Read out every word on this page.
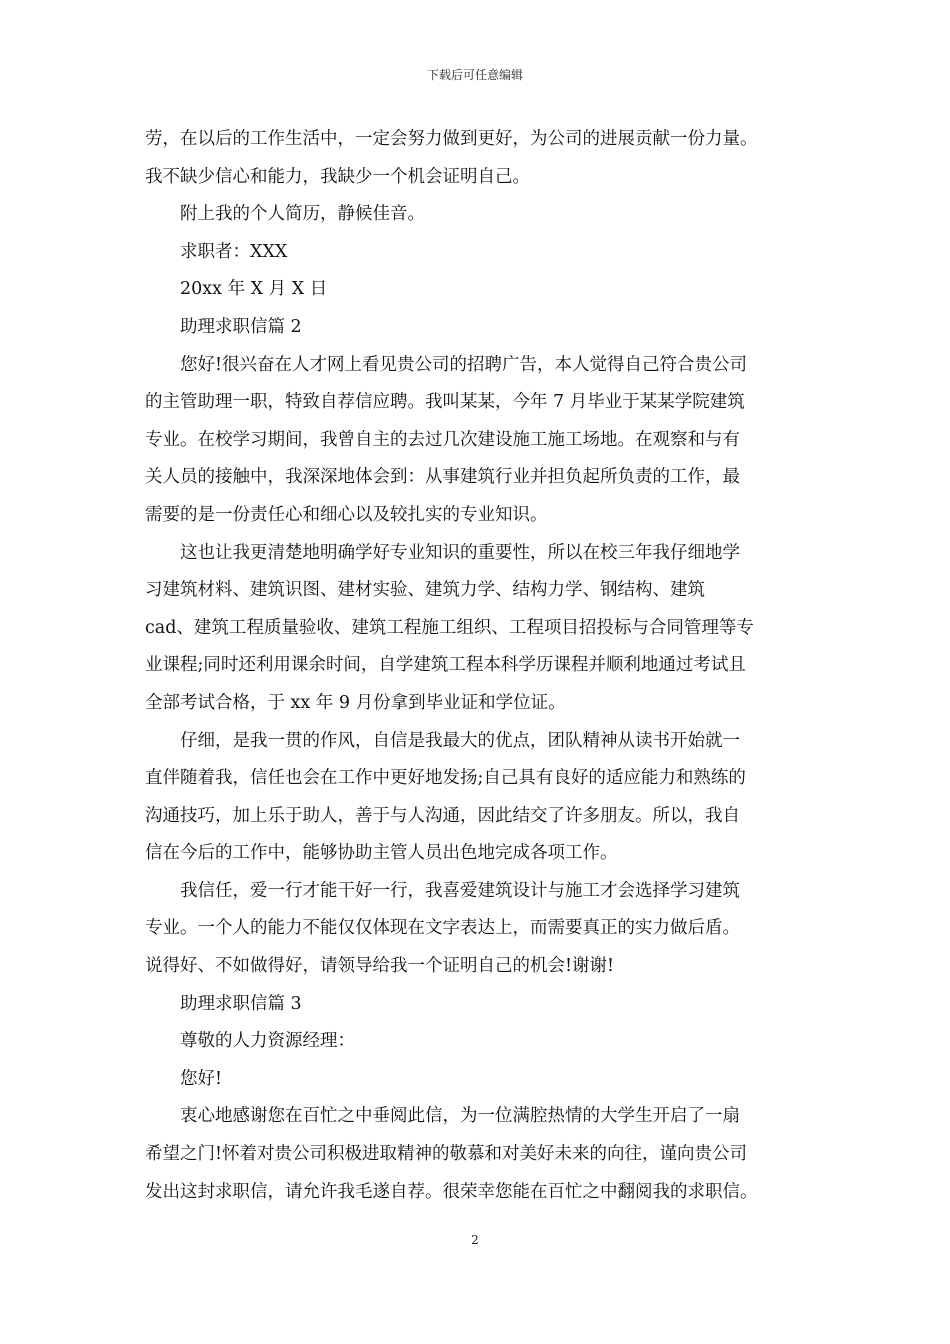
下载后可任意编辑
劳，在以后的工作生活中，一定会努力做到更好，为公司的进展贡献一份力量。
我不缺少信心和能力，我缺少一个机会证明自己。
附上我的个人简历，静候佳音。
求职者：XXX
20xx 年 X 月 X 日
助理求职信篇 2
您好!很兴奋在人才网上看见贵公司的招聘广告，本人觉得自己符合贵公司
的主管助理一职，特致自荐信应聘。我叫某某，今年 7 月毕业于某某学院建筑
专业。在校学习期间，我曾自主的去过几次建设施工施工场地。在观察和与有
关人员的接触中，我深深地体会到：从事建筑行业并担负起所负责的工作，最
需要的是一份责任心和细心以及较扎实的专业知识。
这也让我更清楚地明确学好专业知识的重要性，所以在校三年我仔细地学
习建筑材料、建筑识图、建材实验、建筑力学、结构力学、钢结构、建筑
cad、建筑工程质量验收、建筑工程施工组织、工程项目招投标与合同管理等专
业课程;同时还利用课余时间，自学建筑工程本科学历课程并顺利地通过考试且
全部考试合格，于 xx 年 9 月份拿到毕业证和学位证。
仔细，是我一贯的作风，自信是我最大的优点，团队精神从读书开始就一
直伴随着我，信任也会在工作中更好地发扬;自己具有良好的适应能力和熟练的
沟通技巧，加上乐于助人，善于与人沟通，因此结交了许多朋友。所以，我自
信在今后的工作中，能够协助主管人员出色地完成各项工作。
我信任，爱一行才能干好一行，我喜爱建筑设计与施工才会选择学习建筑
专业。一个人的能力不能仅仅体现在文字表达上，而需要真正的实力做后盾。
说得好、不如做得好，请领导给我一个证明自己的机会!谢谢!
助理求职信篇 3
尊敬的人力资源经理：
您好!
衷心地感谢您在百忙之中垂阅此信，为一位满腔热情的大学生开启了一扇
希望之门!怀着对贵公司积极进取精神的敬慕和对美好未来的向往，谨向贵公司
发出这封求职信，请允许我毛遂自荐。很荣幸您能在百忙之中翻阅我的求职信。
2
